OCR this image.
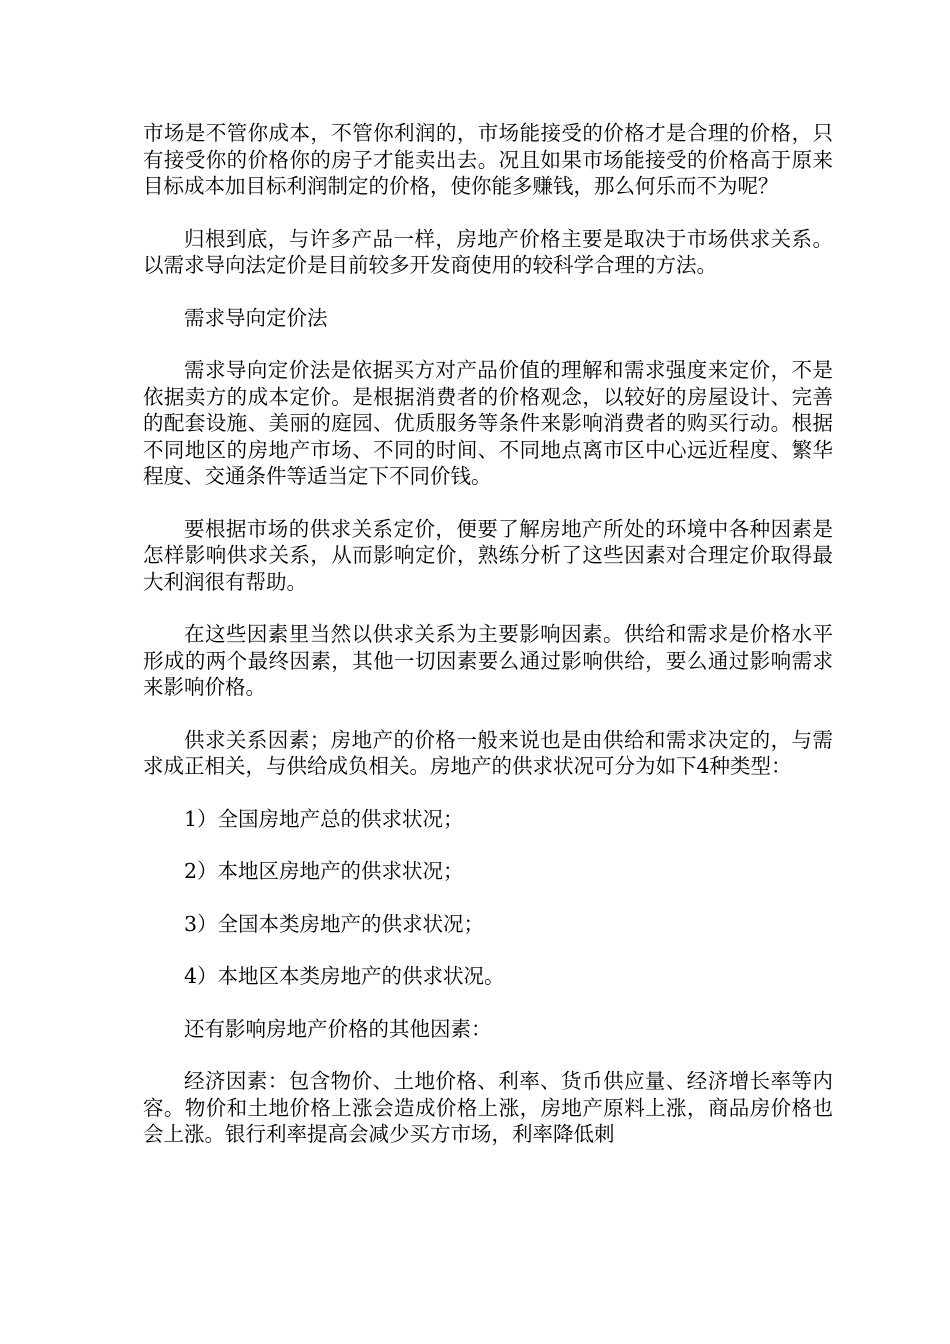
市场是不管你成本，不管你利润的，市场能接受的价格才是合理的价格，只有接受你的价格你的房子才能卖出去。况且如果市场能接受的价格高于原来目标成本加目标利润制定的价格，使你能多赚钱，那么何乐而不为呢？

归根到底，与许多产品一样，房地产价格主要是取决于市场供求关系。以需求导向法定价是目前较多开发商使用的较科学合理的方法。

需求导向定价法

需求导向定价法是依据买方对产品价值的理解和需求强度来定价，不是依据卖方的成本定价。是根据消费者的价格观念，以较好的房屋设计、完善的配套设施、美丽的庭园、优质服务等条件来影响消费者的购买行动。根据不同地区的房地产市场、不同的时间、不同地点离市区中心远近程度、繁华程度、交通条件等适当定下不同价钱。

要根据市场的供求关系定价，便要了解房地产所处的环境中各种因素是怎样影响供求关系，从而影响定价，熟练分析了这些因素对合理定价取得最大利润很有帮助。

在这些因素里当然以供求关系为主要影响因素。供给和需求是价格水平形成的两个最终因素，其他一切因素要么通过影响供给，要么通过影响需求来影响价格。

供求关系因素；房地产的价格一般来说也是由供给和需求决定的，与需求成正相关，与供给成负相关。房地产的供求状况可分为如下4种类型：

1）全国房地产总的供求状况；

2）本地区房地产的供求状况；

3）全国本类房地产的供求状况；

4）本地区本类房地产的供求状况。

还有影响房地产价格的其他因素：

经济因素：包含物价、土地价格、利率、货币供应量、经济增长率等内容。物价和土地价格上涨会造成价格上涨，房地产原料上涨，商品房价格也会上涨。银行利率提高会减少买方市场，利率降低刺
